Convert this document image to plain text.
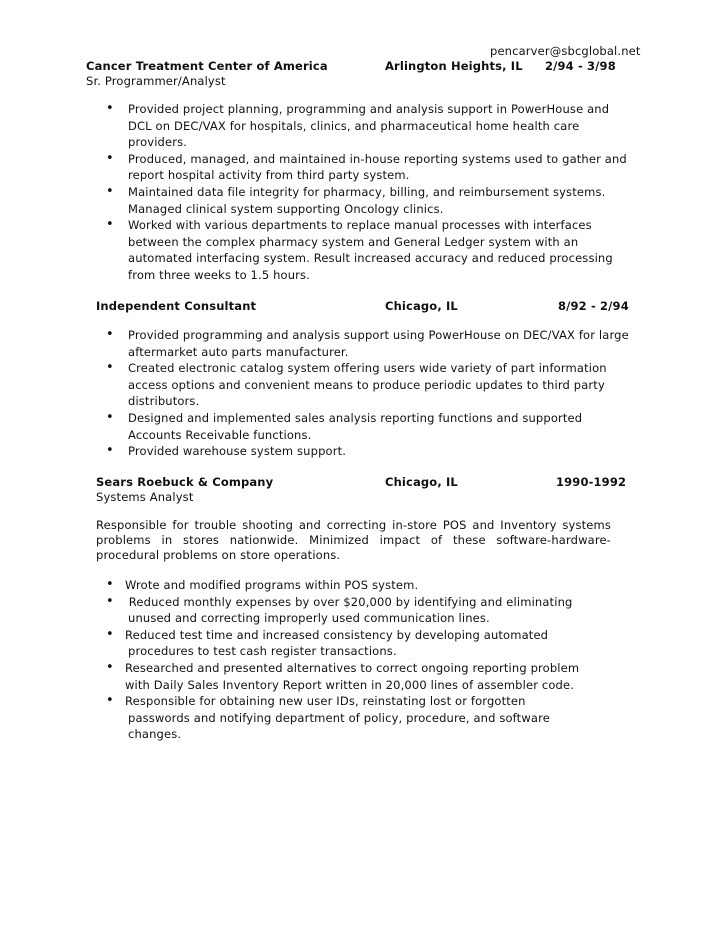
pencarver@sbcglobal.net
Cancer Treatment Center of America	Arlington Heights, IL 2/94 - 3/98
Sr. Programmer/Analyst
• Provided project planning, programming and analysis support in PowerHouse and
DCL on DEC/VAX for hospitals, clinics, and pharmaceutical home health care
providers.
• Produced, managed, and maintained in-house reporting systems used to gather and
report hospital activity from third party system.
• Maintained data file integrity for pharmacy, billing, and reimbursement systems.
Managed clinical system supporting Oncology clinics.
• Worked with various departments to replace manual processes with interfaces
between the complex pharmacy system and General Ledger system with an
automated interfacing system. Result increased accuracy and reduced processing
from three weeks to 1.5 hours.
Independent Consultant	Chicago, IL	8/92 - 2/94
• Provided programming and analysis support using PowerHouse on DEC/VAX for large
aftermarket auto parts manufacturer.
• Created electronic catalog system offering users wide variety of part information
access options and convenient means to produce periodic updates to third party
distributors.
• Designed and implemented sales analysis reporting functions and supported
Accounts Receivable functions.
• Provided warehouse system support.
Sears Roebuck & Company	Chicago, IL	1990-1992
Systems Analyst
Responsible for trouble shooting and correcting in-store POS and Inventory systems problems in stores nationwide. Minimized impact of these software-hardware-procedural problems on store operations.
• Wrote and modified programs within POS system.
• Reduced monthly expenses by over $20,000 by identifying and eliminating
unused and correcting improperly used communication lines.
• Reduced test time and increased consistency by developing automated
procedures to test cash register transactions.
• Researched and presented alternatives to correct ongoing reporting problem
with Daily Sales Inventory Report written in 20,000 lines of assembler code.
• Responsible for obtaining new user IDs, reinstating lost or forgotten
passwords and notifying department of policy, procedure, and software
changes.
